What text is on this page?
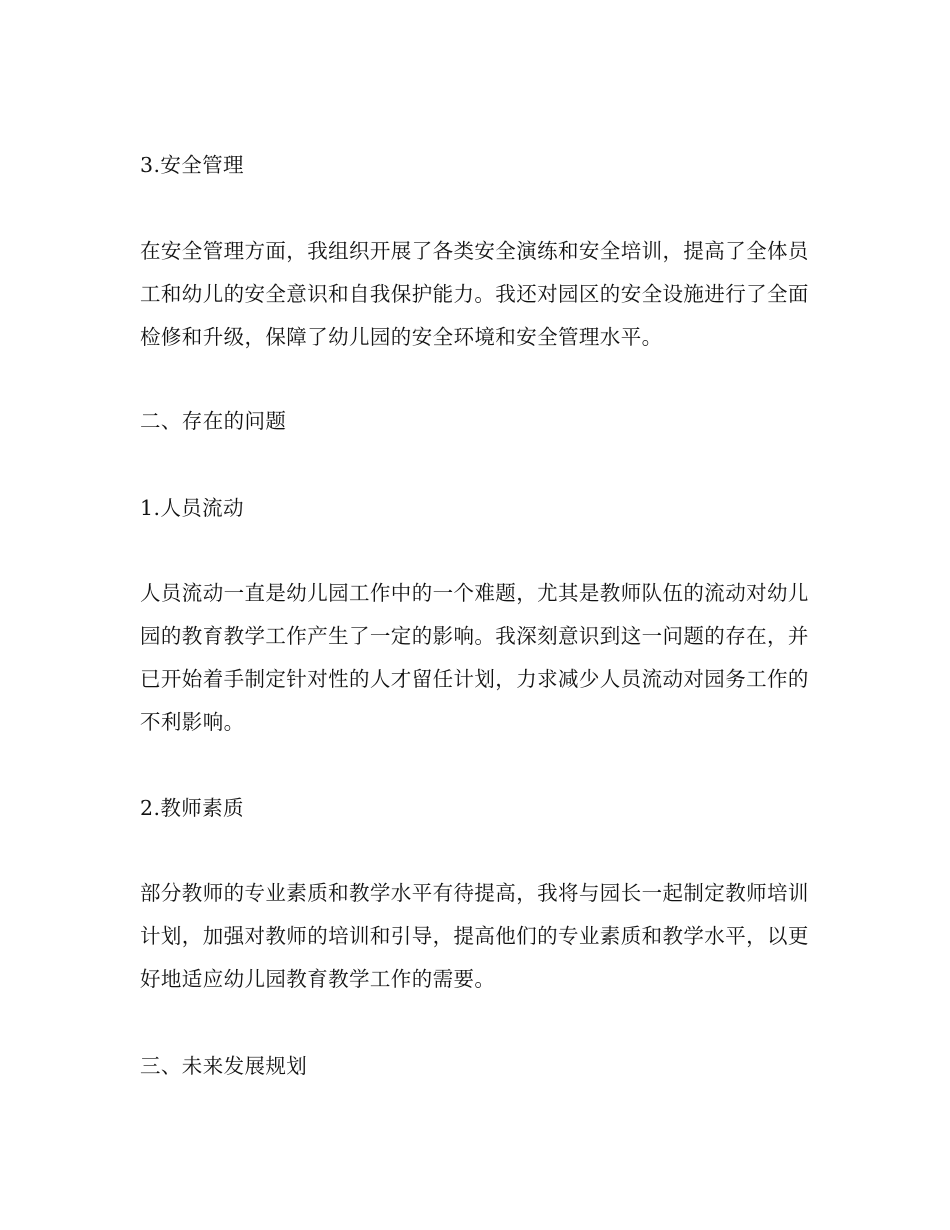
3.安全管理

在安全管理方面，我组织开展了各类安全演练和安全培训，提高了全体员工和幼儿的安全意识和自我保护能力。我还对园区的安全设施进行了全面检修和升级，保障了幼儿园的安全环境和安全管理水平。

二、存在的问题

1.人员流动

人员流动一直是幼儿园工作中的一个难题，尤其是教师队伍的流动对幼儿园的教育教学工作产生了一定的影响。我深刻意识到这一问题的存在，并已开始着手制定针对性的人才留任计划，力求减少人员流动对园务工作的不利影响。

2.教师素质

部分教师的专业素质和教学水平有待提高，我将与园长一起制定教师培训计划，加强对教师的培训和引导，提高他们的专业素质和教学水平，以更好地适应幼儿园教育教学工作的需要。

三、未来发展规划
